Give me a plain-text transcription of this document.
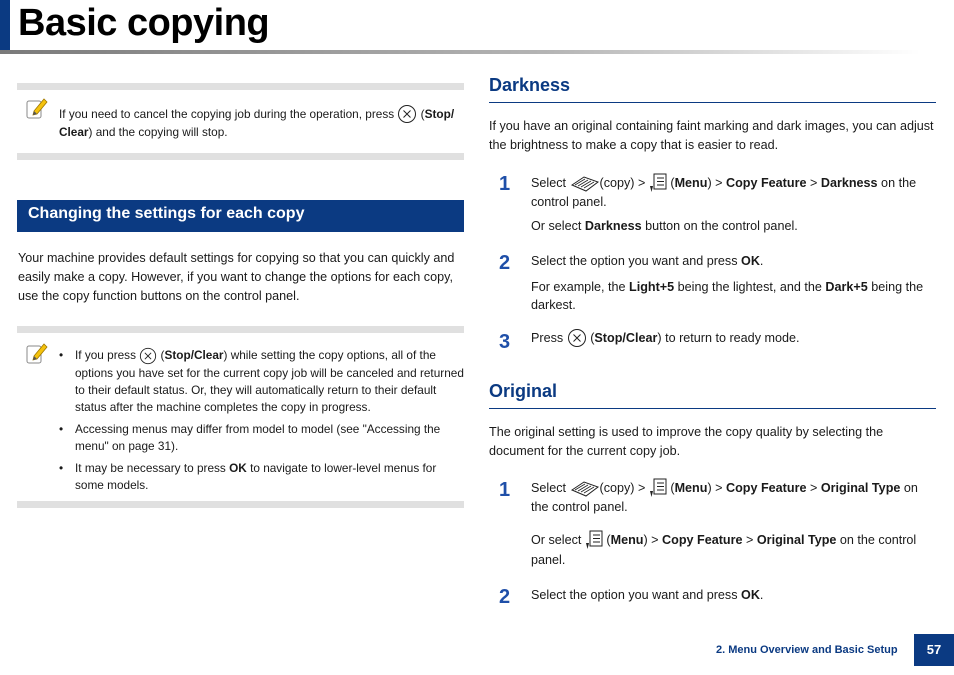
Basic copying

If you need to cancel the copying job during the operation, press  (Stop/ Clear) and the copying will stop.

Changing the settings for each copy

Your machine provides default settings for copying so that you can quickly and easily make a copy. However, if you want to change the options for each copy, use the copy function buttons on the control panel.

• If you press  (Stop/Clear) while setting the copy options, all of the options you have set for the current copy job will be canceled and returned to their default status. Or, they will automatically return to their default status after the machine completes the copy in progress.
• Accessing menus may differ from model to model (see "Accessing the menu" on page 31).
• It may be necessary to press OK to navigate to lower-level menus for some models.
Darkness

If you have an original containing faint marking and dark images, you can adjust the brightness to make a copy that is easier to read.

1 Select (copy) >  (Menu) > Copy Feature > Darkness on the control panel.
Or select Darkness button on the control panel.
2 Select the option you want and press OK.
For example, the Light+5 being the lightest, and the Dark+5 being the darkest.
3 Press  (Stop/Clear) to return to ready mode.
Original

The original setting is used to improve the copy quality by selecting the document for the current copy job.

1 Select (copy) >  (Menu) > Copy Feature > Original Type on the control panel.
Or select  (Menu) > Copy Feature > Original Type on the control panel.
2 Select the option you want and press OK.
2. Menu Overview and Basic Setup	57
